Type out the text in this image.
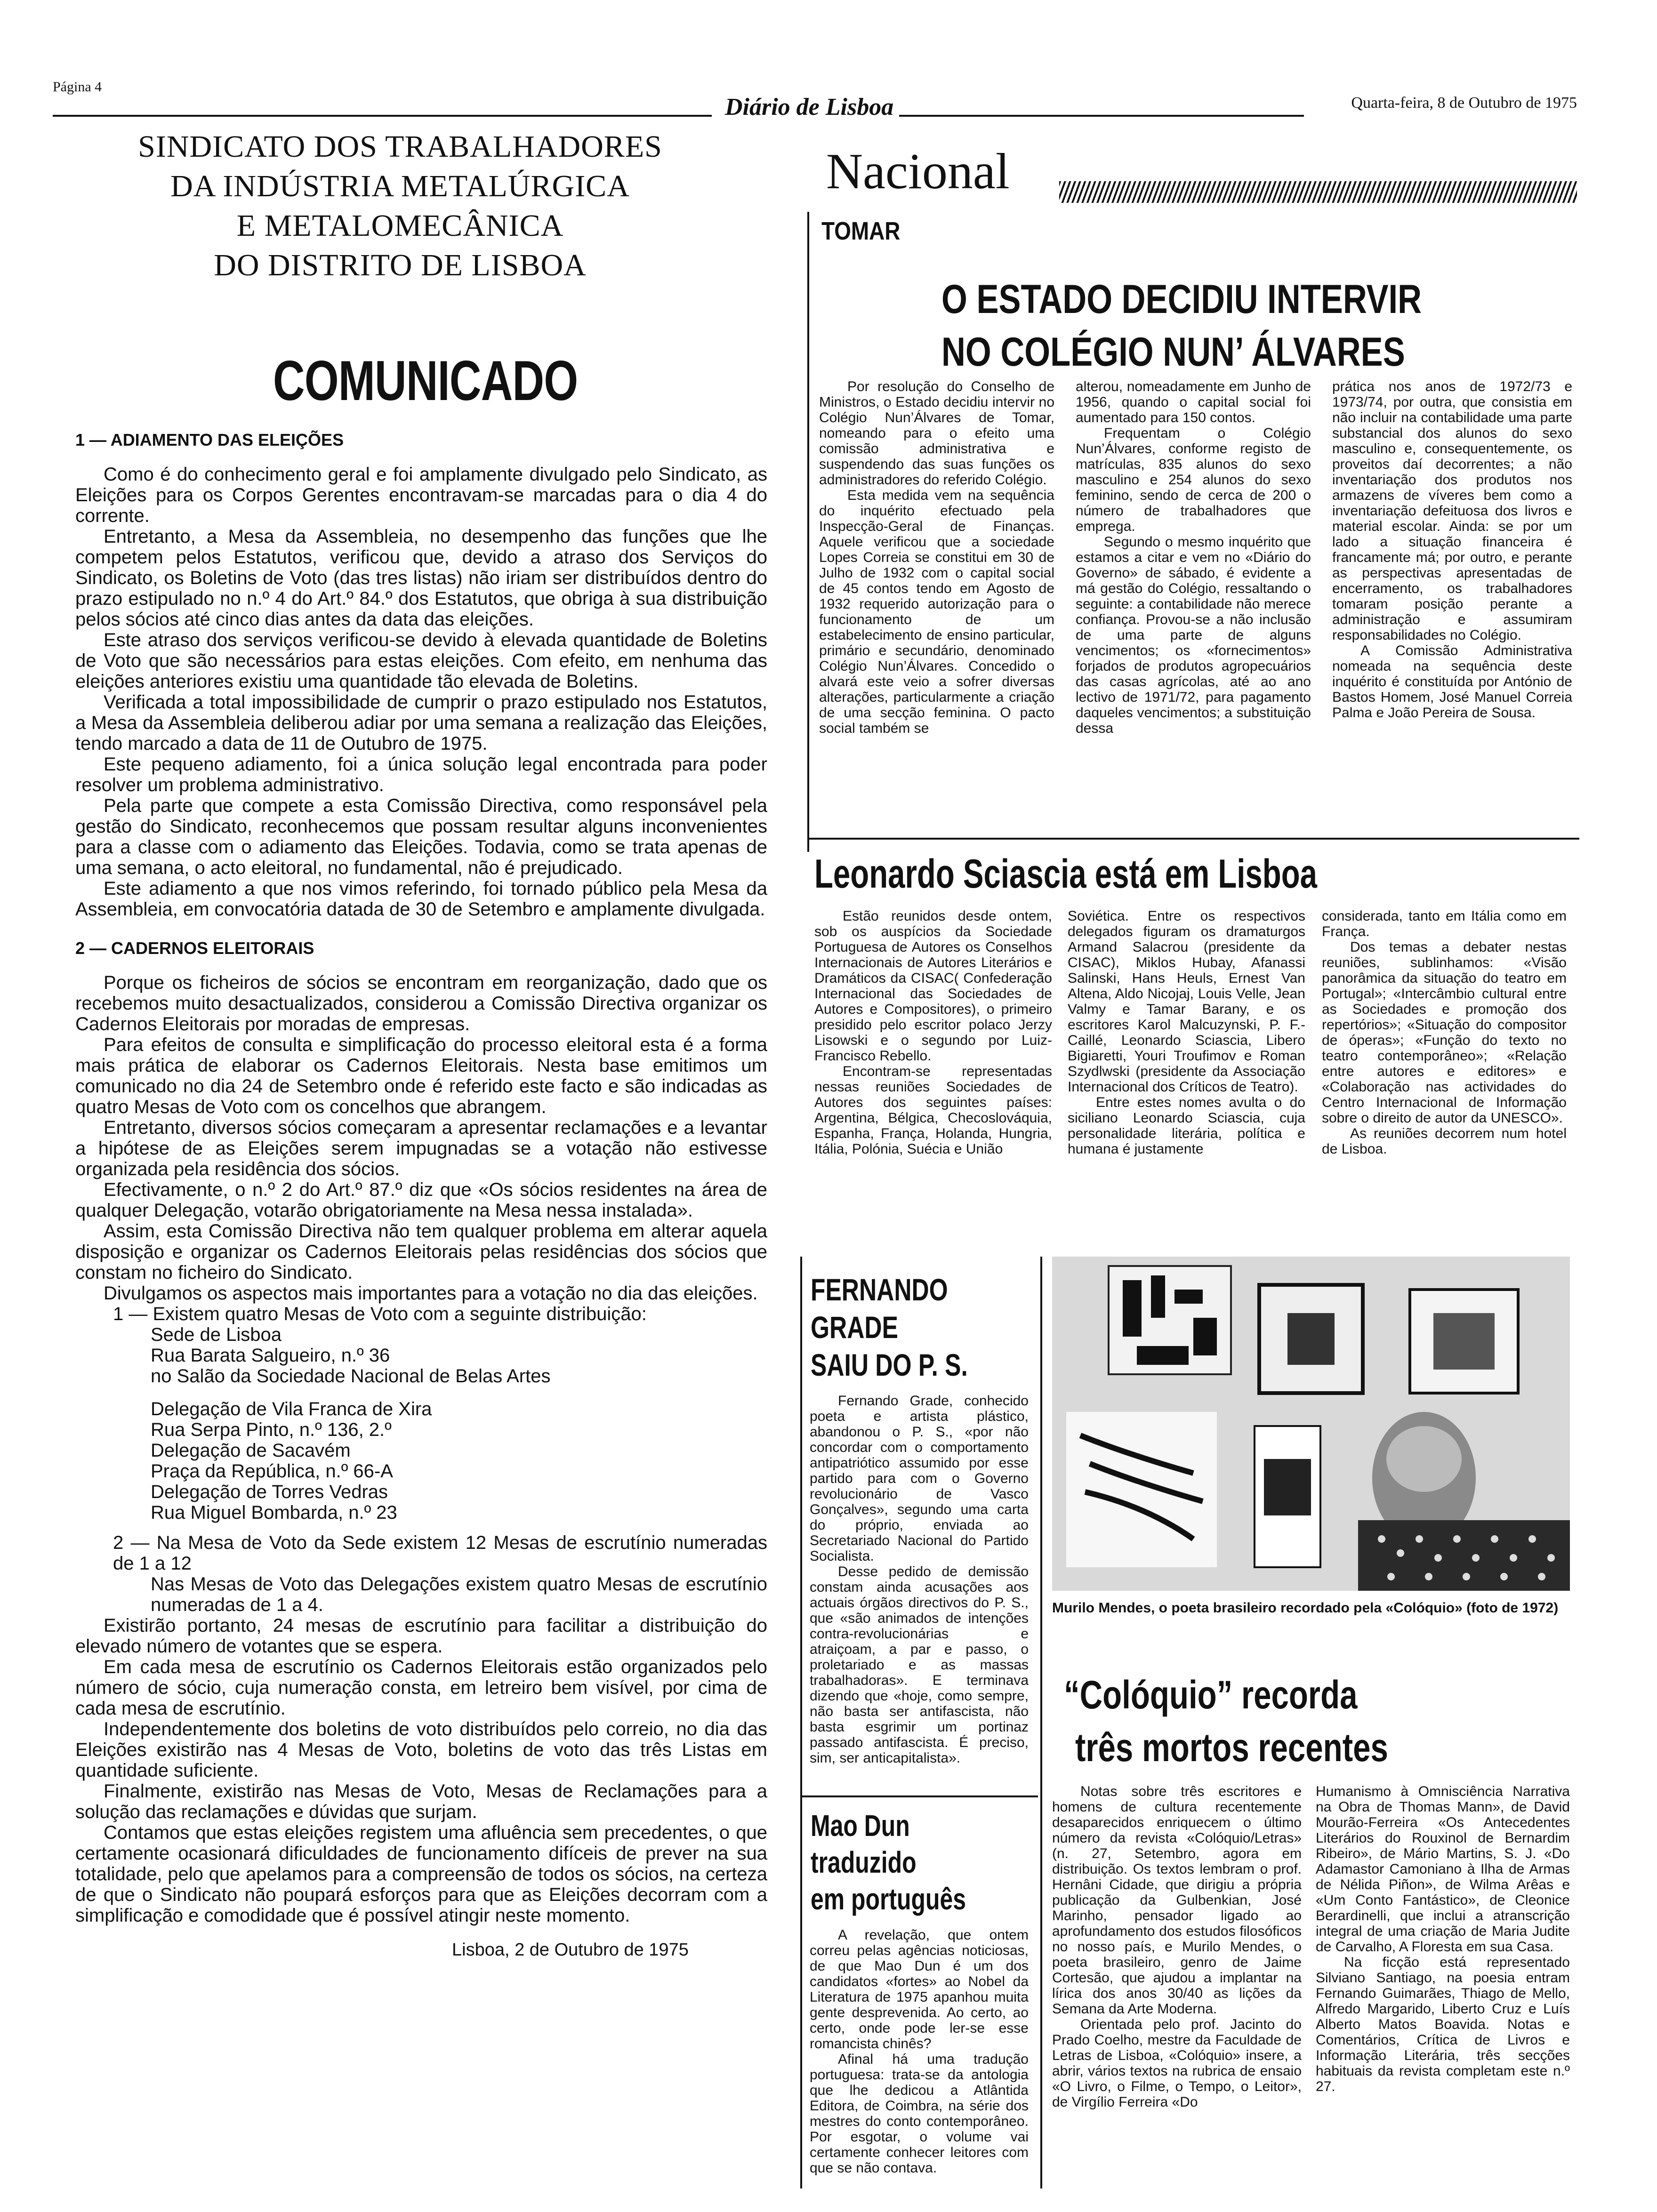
Página 4
Diário de Lisboa	Quarta-feira, 8 de Outubro de 1975
SINDICATO DOS TRABALHADORES
DA INDÚSTRIA METALÚRGICA
E METALOMECÂNICA
DO DISTRITO DE LISBOA
COMUNICADO
1 — ADIAMENTO DAS ELEIÇÕES

Como é do conhecimento geral e foi amplamente divulgado pelo Sindicato, as Eleições para os Corpos Gerentes encontravam-se marcadas para o dia 4 do corrente.

Entretanto, a Mesa da Assembleia, no desempenho das funções que lhe competem pelos Estatutos, verificou que, devido a atraso dos Serviços do Sindicato, os Boletins de Voto (das tres listas) não iriam ser distribuídos dentro do prazo estipulado no n.º 4 do Art.º 84.º dos Estatutos, que obriga à sua distribuição pelos sócios até cinco dias antes da data das eleições.

Este atraso dos serviços verificou-se devido à elevada quantidade de Boletins de Voto que são necessários para estas eleições. Com efeito, em nenhuma das eleições anteriores existiu uma quantidade tão elevada de Boletins.

Verificada a total impossibilidade de cumprir o prazo estipulado nos Estatutos, a Mesa da Assembleia deliberou adiar por uma semana a realização das Eleições, tendo marcado a data de 11 de Outubro de 1975.

Este pequeno adiamento, foi a única solução legal encontrada para poder resolver um problema administrativo.

Pela parte que compete a esta Comissão Directiva, como responsável pela gestão do Sindicato, reconhecemos que possam resultar alguns inconvenientes para a classe com o adiamento das Eleições. Todavia, como se trata apenas de uma semana, o acto eleitoral, no fundamental, não é prejudicado.

Este adiamento a que nos vimos referindo, foi tornado público pela Mesa da Assembleia, em convocatória datada de 30 de Setembro e amplamente divulgada.

2 — CADERNOS ELEITORAIS

Porque os ficheiros de sócios se encontram em reorganização, dado que os recebemos muito desactualizados, considerou a Comissão Directiva organizar os Cadernos Eleitorais por moradas de empresas.

Para efeitos de consulta e simplificação do processo eleitoral esta é a forma mais prática de elaborar os Cadernos Eleitorais. Nesta base emitimos um comunicado no dia 24 de Setembro onde é referido este facto e são indicadas as quatro Mesas de Voto com os concelhos que abrangem.

Entretanto, diversos sócios começaram a apresentar reclamações e a levantar a hipótese de as Eleições serem impugnadas se a votação não estivesse organizada pela residência dos sócios.

Efectivamente, o n.º 2 do Art.º 87.º diz que «Os sócios residentes na área de qualquer Delegação, votarão obrigatoriamente na Mesa nessa instalada».

Assim, esta Comissão Directiva não tem qualquer problema em alterar aquela disposição e organizar os Cadernos Eleitorais pelas residências dos sócios que constam no ficheiro do Sindicato.

Divulgamos os aspectos mais importantes para a votação no dia das eleições.

1 — Existem quatro Mesas de Voto com a seguinte distribuição:

Sede de Lisboa

Rua Barata Salgueiro, n.º 36

no Salão da Sociedade Nacional de Belas Artes

Delegação de Vila Franca de Xira

Rua Serpa Pinto, n.º 136, 2.º

Delegação de Sacavém

Praça da República, n.º 66-A

Delegação de Torres Vedras

Rua Miguel Bombarda, n.º 23

2 — Na Mesa de Voto da Sede existem 12 Mesas de escrutínio numeradas de 1 a 12

Nas Mesas de Voto das Delegações existem quatro Mesas de escrutínio numeradas de 1 a 4.

Existirão portanto, 24 mesas de escrutínio para facilitar a distribuição do elevado número de votantes que se espera.

Em cada mesa de escrutínio os Cadernos Eleitorais estão organizados pelo número de sócio, cuja numeração consta, em letreiro bem visível, por cima de cada mesa de escrutínio.

Independentemente dos boletins de voto distribuídos pelo correio, no dia das Eleições existirão nas 4 Mesas de Voto, boletins de voto das três Listas em quantidade suficiente.

Finalmente, existirão nas Mesas de Voto, Mesas de Reclamações para a solução das reclamações e dúvidas que surjam.

Contamos que estas eleições registem uma afluência sem precedentes, o que certamente ocasionará dificuldades de funcionamento difíceis de prever na sua totalidade, pelo que apelamos para a compreensão de todos os sócios, na certeza de que o Sindicato não poupará esforços para que as Eleições decorram com a simplificação e comodidade que é possível atingir neste momento.

Lisboa, 2 de Outubro de 1975
Nacional
TOMAR
O ESTADO DECIDIU INTERVIR
NO COLÉGIO NUN’ ÁLVARES

Por resolução do Conselho de Ministros, o Estado decidiu intervir no Colégio Nun’Álvares de Tomar, nomeando para o efeito uma comissão administrativa e suspendendo das suas funções os administradores do referido Colégio.

Esta medida vem na sequência do inquérito efectuado pela Inspecção-Geral de Finanças. Aquele verificou que a sociedade Lopes Correia se constitui em 30 de Julho de 1932 com o capital social de 45 contos tendo em Agosto de 1932 requerido autorização para o funcionamento de um estabelecimento de ensino particular, primário e secundário, denominado Colégio Nun’Álvares. Concedido o alvará este veio a sofrer diversas alterações, particularmente a criação de uma secção feminina. O pacto social também se

alterou, nomeadamente em Junho de 1956, quando o capital social foi aumentado para 150 contos.

Frequentam o Colégio Nun’Álvares, conforme registo de matrículas, 835 alunos do sexo masculino e 254 alunos do sexo feminino, sendo de cerca de 200 o número de trabalhadores que emprega.

Segundo o mesmo inquérito que estamos a citar e vem no «Diário do Governo» de sábado, é evidente a má gestão do Colégio, ressaltando o seguinte: a contabilidade não merece confiança. Provou-se a não inclusão de uma parte de alguns vencimentos; os «fornecimentos» forjados de produtos agropecuários das casas agrícolas, até ao ano lectivo de 1971/72, para pagamento daqueles vencimentos; a substituição dessa

prática nos anos de 1972/73 e 1973/74, por outra, que consistia em não incluir na contabilidade uma parte substancial dos alunos do sexo masculino e, consequentemente, os proveitos daí decorrentes; a não inventariação dos produtos nos armazens de víveres bem como a inventariação defeituosa dos livros e material escolar. Ainda: se por um lado a situação financeira é francamente má; por outro, e perante as perspectivas apresentadas de encerramento, os trabalhadores tomaram posição perante a administração e assumiram responsabilidades no Colégio.

A Comissão Administrativa nomeada na sequência deste inquérito é constituída por António de Bastos Homem, José Manuel Correia Palma e João Pereira de Sousa.

Leonardo Sciascia está em Lisboa

Estão reunidos desde ontem, sob os auspícios da Sociedade Portuguesa de Autores os Conselhos Internacionais de Autores Literários e Dramáticos da CISAC( Confederação Internacional das Sociedades de Autores e Compositores), o primeiro presidido pelo escritor polaco Jerzy Lisowski e o segundo por Luiz-Francisco Rebello.

Encontram-se representadas nessas reuniões Sociedades de Autores dos seguintes países: Argentina, Bélgica, Checoslováquia, Espanha, França, Holanda, Hungria, Itália, Polónia, Suécia e União

Soviética. Entre os respectivos delegados figuram os dramaturgos Armand Salacrou (presidente da CISAC), Miklos Hubay, Afanassi Salinski, Hans Heuls, Ernest Van Altena, Aldo Nicojaj, Louis Velle, Jean Valmy e Tamar Barany, e os escritores Karol Malcuzynski, P. F.-Caillé, Leonardo Sciascia, Libero Bigiaretti, Youri Troufimov e Roman Szydlwski (presidente da Associação Internacional dos Críticos de Teatro).

Entre estes nomes avulta o do siciliano Leonardo Sciascia, cuja personalidade literária, política e humana é justamente

considerada, tanto em Itália como em França.

Dos temas a debater nestas reuniões, sublinhamos: «Visão panorâmica da situação do teatro em Portugal»; «Intercâmbio cultural entre as Sociedades e promoção dos repertórios»; «Situação do compositor de óperas»; «Função do texto no teatro contemporâneo»; «Relação entre autores e editores» e «Colaboração nas actividades do Centro Internacional de Informação sobre o direito de autor da UNESCO».

As reuniões decorrem num hotel de Lisboa.

FERNANDO
GRADE
SAIU DO P. S.

Fernando Grade, conhecido poeta e artista plástico, abandonou o P. S., «por não concordar com o comportamento antipatriótico assumido por esse partido para com o Governo revolucionário de Vasco Gonçalves», segundo uma carta do próprio, enviada ao Secretariado Nacional do Partido Socialista.

Desse pedido de demissão constam ainda acusações aos actuais órgãos directivos do P. S., que «são animados de intenções contra-revolucionárias e atraiçoam, a par e passo, o proletariado e as massas trabalhadoras». E terminava dizendo que «hoje, como sempre, não basta ser antifascista, não basta esgrimir um portinaz passado antifascista. É preciso, sim, ser anticapitalista».

Mao Dun
traduzido
em português

A revelação, que ontem correu pelas agências noticiosas, de que Mao Dun é um dos candidatos «fortes» ao Nobel da Literatura de 1975 apanhou muita gente desprevenida. Ao certo, ao certo, onde pode ler-se esse romancista chinês?

Afinal há uma tradução portuguesa: trata-se da antologia que lhe dedicou a Atlântida Editora, de Coimbra, na série dos mestres do conto contemporâneo. Por esgotar, o volume vai certamente conhecer leitores com que se não contava.

Murilo Mendes, o poeta brasileiro recordado pela «Colóquio» (foto de 1972)
“Colóquio” recorda
três mortos recentes

Notas sobre três escritores e homens de cultura recentemente desaparecidos enriquecem o último número da revista «Colóquio/Letras» (n. 27, Setembro, agora em distribuição. Os textos lembram o prof. Hernâni Cidade, que dirigiu a própria publicação da Gulbenkian, José Marinho, pensador ligado ao aprofundamento dos estudos filosóficos no nosso país, e Murilo Mendes, o poeta brasileiro, genro de Jaime Cortesão, que ajudou a implantar na lírica dos anos 30/40 as lições da Semana da Arte Moderna.

Orientada pelo prof. Jacinto do Prado Coelho, mestre da Faculdade de Letras de Lisboa, «Colóquio» insere, a abrir, vários textos na rubrica de ensaio «O Livro, o Filme, o Tempo, o Leitor», de Virgílio Ferreira «Do

Humanismo à Omnisciência Narrativa na Obra de Thomas Mann», de David Mourão-Ferreira «Os Antecedentes Literários do Rouxinol de Bernardim Ribeiro», de Mário Martins, S. J. «Do Adamastor Camoniano à Ilha de Armas de Nélida Piñon», de Wilma Arêas e «Um Conto Fantástico», de Cleonice Berardinelli, que inclui a atranscrição integral de uma criação de Maria Judite de Carvalho, A Floresta em sua Casa.

Na ficção está representado Silviano Santiago, na poesia entram Fernando Guimarães, Thiago de Mello, Alfredo Margarido, Liberto Cruz e Luís Alberto Matos Boavida. Notas e Comentários, Crítica de Livros e Informação Literária, três secções habituais da revista completam este n.º 27.
